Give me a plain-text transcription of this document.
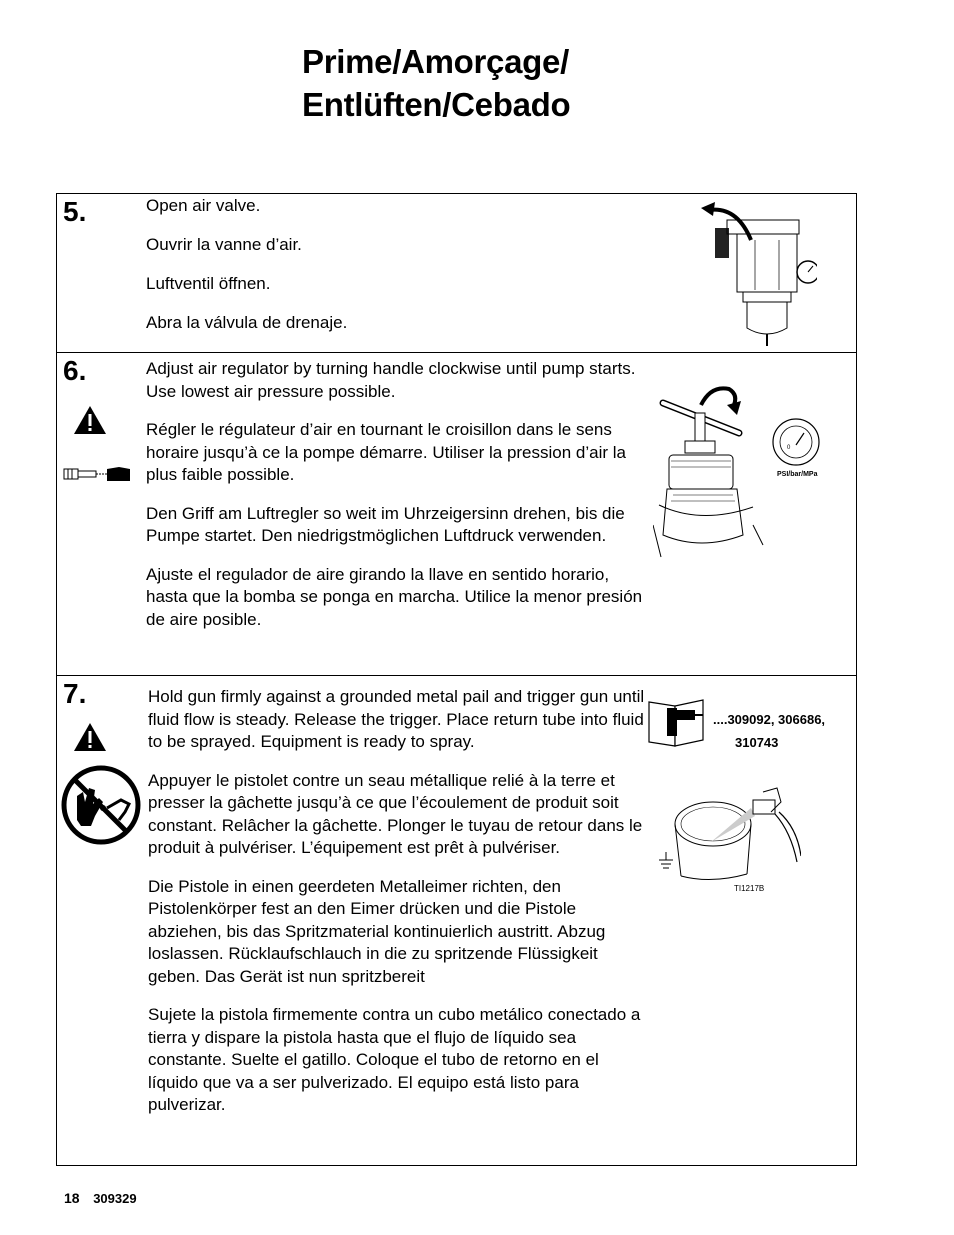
Prime/Amorçage/
Entlüften/Cebado
5.	Open air valve.

Ouvrir la vanne d’air.

Luftventil öffnen.

Abra la válvula de drenaje.

6.	Adjust air regulator by turning handle clockwise until pump starts. Use lowest air pressure possible.

Régler le régulateur d’air en tournant le croisillon dans le sens horaire jusqu’à ce la pompe démarre. Utiliser la pression d’air la plus faible possible.

Den Griff am Luftregler so weit im Uhrzeigersinn drehen, bis die Pumpe startet. Den niedrigstmöglichen Luftdruck verwenden.

Ajuste el regulador de aire girando la llave en sentido horario, hasta que la bomba se ponga en marcha. Utilice la menor presión de aire posible.

0
PSI/bar/MPa
7.	Hold gun firmly against a grounded metal pail and trigger gun until fluid flow is steady. Release the trigger. Place return tube into fluid to be sprayed. Equipment is ready to spray.

Appuyer le pistolet contre un seau métallique relié à la terre et presser la gâchette jusqu’à ce que l’écoulement de produit soit constant. Relâcher la gâchette. Plonger le tuyau de retour dans le produit à pulvériser. L’équipement est prêt à pulvériser.

Die Pistole in einen geerdeten Metalleimer richten, den Pistolenkörper fest an den Eimer drücken und die Pistole abziehen, bis das Spritzmaterial kontinuierlich austritt. Abzug loslassen. Rücklaufschlauch in die zu spritzende Flüssigkeit geben. Das Gerät ist nun spritzbereit

Sujete la pistola firmemente contra un cubo metálico conectado a tierra y dispare la pistola hasta que el flujo de líquido sea constante. Suelte el gatillo. Coloque el tubo de retorno en el líquido que va a ser pulverizado. El equipo está listo para pulverizar.

....309092, 306686,
310743
TI1217B
18 309329
